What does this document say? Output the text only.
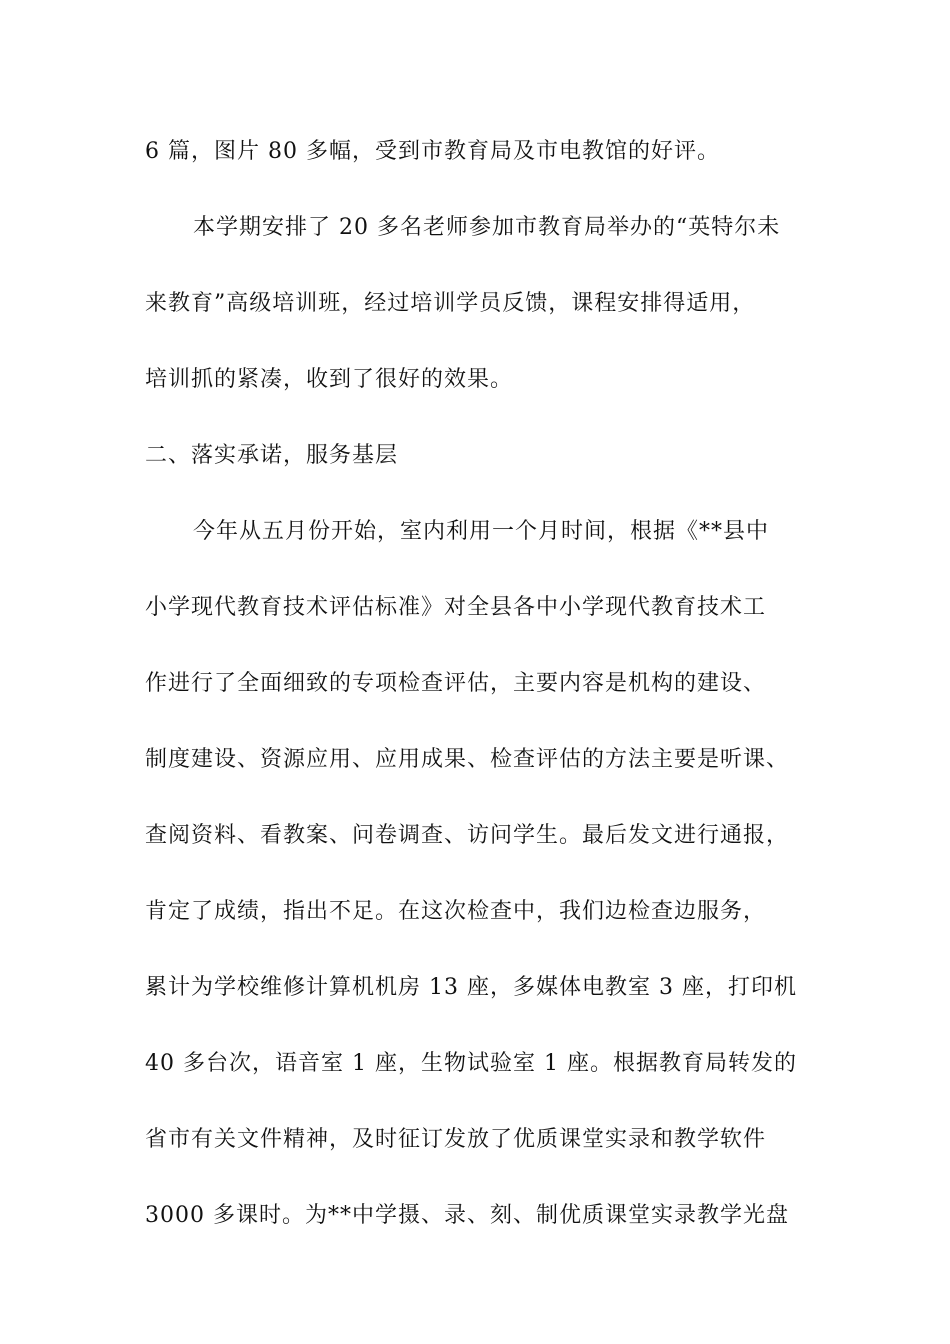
6 篇，图片 80 多幅，受到市教育局及市电教馆的好评。
本学期安排了 20 多名老师参加市教育局举办的“英特尔未
来教育”高级培训班，经过培训学员反馈，课程安排得适用，
培训抓的紧凑，收到了很好的效果。
二、落实承诺，服务基层
今年从五月份开始，室内利用一个月时间，根据《**县中
小学现代教育技术评估标准》对全县各中小学现代教育技术工
作进行了全面细致的专项检查评估，主要内容是机构的建设、
制度建设、资源应用、应用成果、检查评估的方法主要是听课、
查阅资料、看教案、问卷调查、访问学生。最后发文进行通报，
肯定了成绩，指出不足。在这次检查中，我们边检查边服务，
累计为学校维修计算机机房 13 座，多媒体电教室 3 座，打印机
40 多台次，语音室 1 座，生物试验室 1 座。根据教育局转发的
省市有关文件精神，及时征订发放了优质课堂实录和教学软件
3000 多课时。为**中学摄、录、刻、制优质课堂实录教学光盘
